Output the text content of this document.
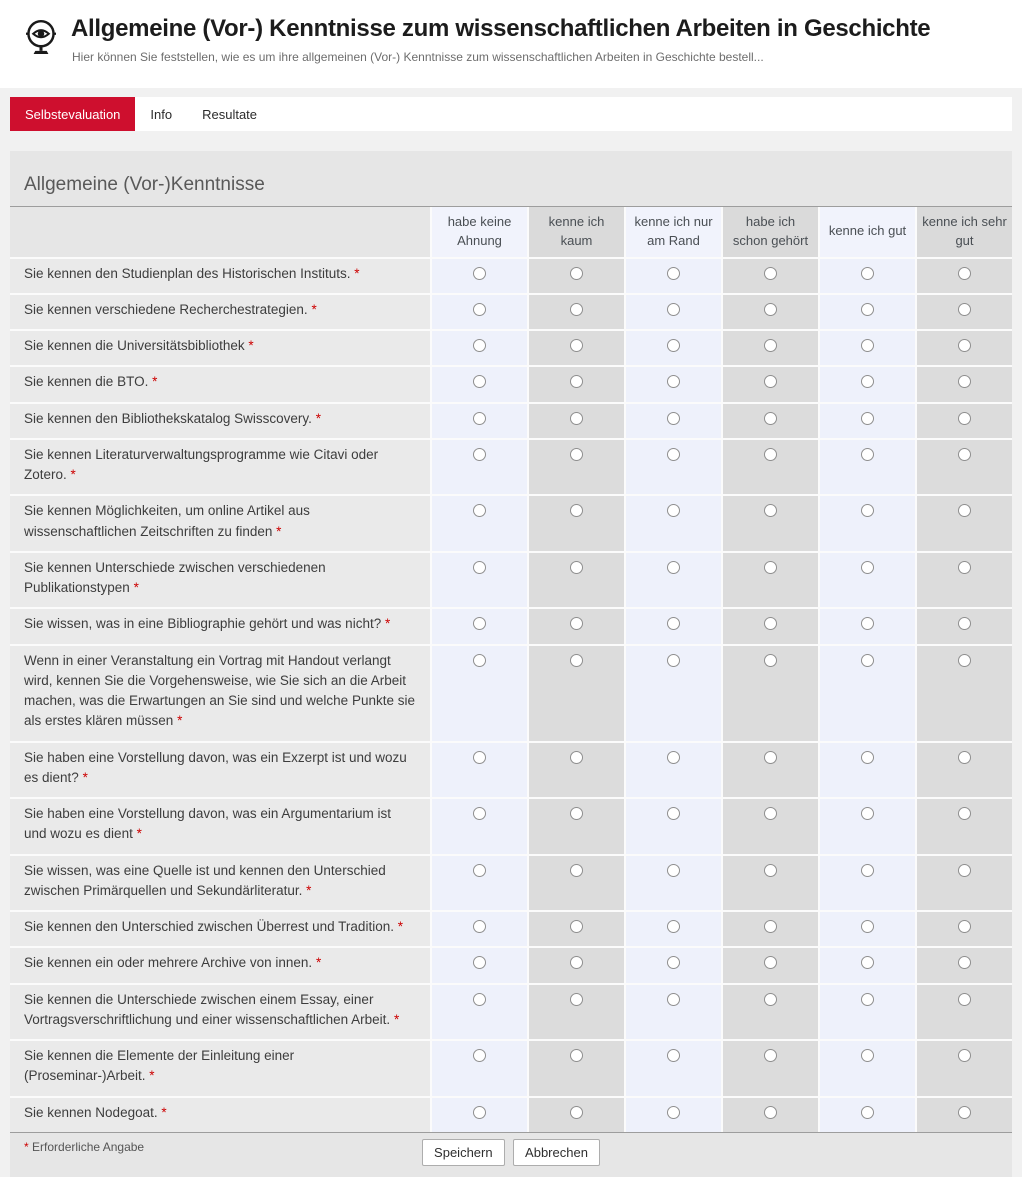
Allgemeine (Vor-) Kenntnisse zum wissenschaftlichen Arbeiten in Geschichte

Hier können Sie feststellen, wie es um ihre allgemeinen (Vor-) Kenntnisse zum wissenschaftlichen Arbeiten in Geschichte bestell...

Selbstevaluation	Info	Resultate
Allgemeine (Vor-)Kenntnisse
	habe keine Ahnung	kenne ich kaum	kenne ich nur am Rand	habe ich schon gehört	kenne ich gut	kenne ich sehr gut
Sie kennen den Studienplan des Historischen Instituts. *						
Sie kennen verschiedene Recherchestrategien. *						
Sie kennen die Universitätsbibliothek *						
Sie kennen die BTO. *						
Sie kennen den Bibliothekskatalog Swisscovery. *						
Sie kennen Literaturverwaltungsprogramme wie Citavi oder Zotero. *						
Sie kennen Möglichkeiten, um online Artikel aus wissenschaftlichen Zeitschriften zu finden *						
Sie kennen Unterschiede zwischen verschiedenen Publikationstypen *						
Sie wissen, was in eine Bibliographie gehört und was nicht? *						
Wenn in einer Veranstaltung ein Vortrag mit Handout verlangt wird, kennen Sie die Vorgehensweise, wie Sie sich an die Arbeit machen, was die Erwartungen an Sie sind und welche Punkte sie als erstes klären müssen *						
Sie haben eine Vorstellung davon, was ein Exzerpt ist und wozu es dient? *						
Sie haben eine Vorstellung davon, was ein Argumentarium ist und wozu es dient *						
Sie wissen, was eine Quelle ist und kennen den Unterschied zwischen Primärquellen und Sekundärliteratur. *						
Sie kennen den Unterschied zwischen Überrest und Tradition. *						
Sie kennen ein oder mehrere Archive von innen. *						
Sie kennen die Unterschiede zwischen einem Essay, einer Vortragsverschriftlichung und einer wissenschaftlichen Arbeit. *						
Sie kennen die Elemente der Einleitung einer (Proseminar-)Arbeit. *						
Sie kennen Nodegoat. *						
* Erforderliche Angabe	Speichern Abbrechen
